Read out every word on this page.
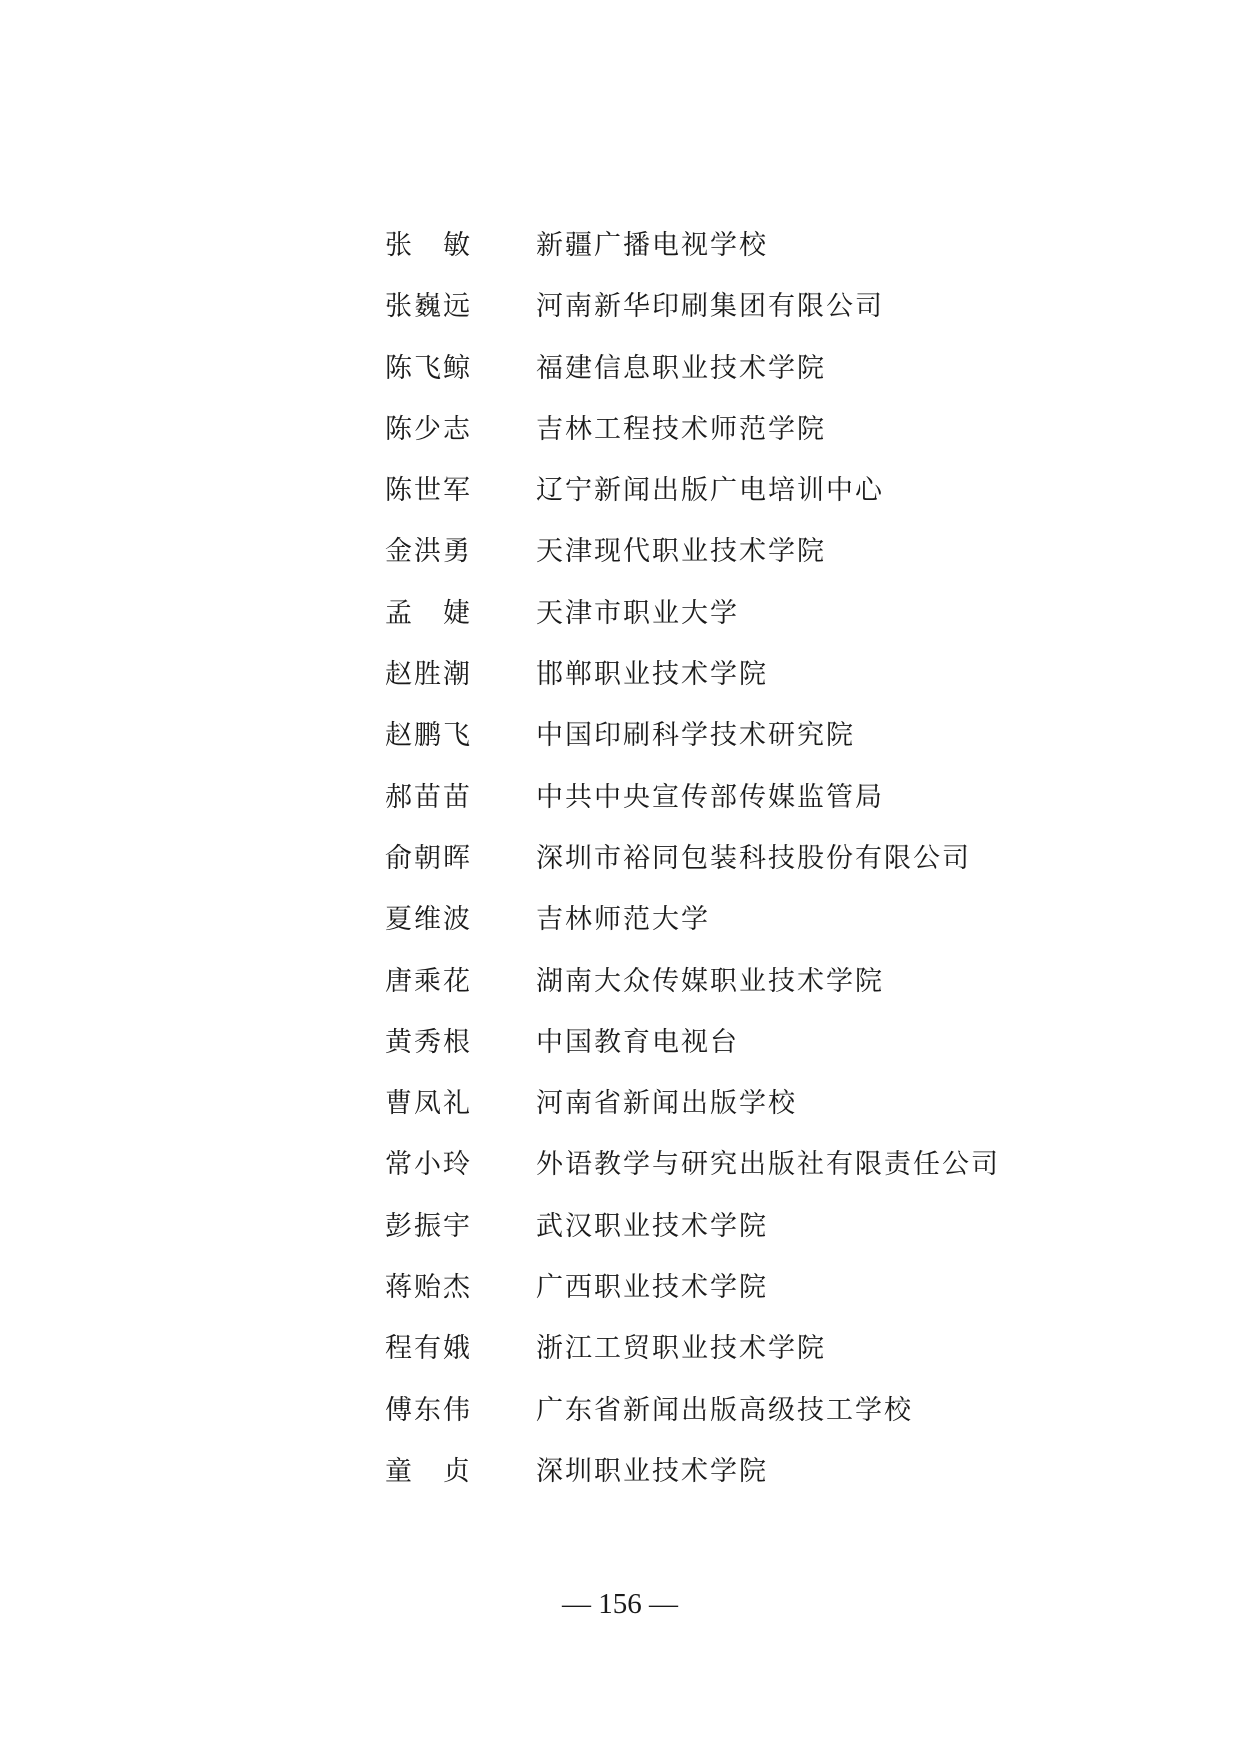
张　敏	新疆广播电视学校
张巍远	河南新华印刷集团有限公司
陈飞鲸	福建信息职业技术学院
陈少志	吉林工程技术师范学院
陈世军	辽宁新闻出版广电培训中心
金洪勇	天津现代职业技术学院
孟　婕	天津市职业大学
赵胜潮	邯郸职业技术学院
赵鹏飞	中国印刷科学技术研究院
郝苗苗	中共中央宣传部传媒监管局
俞朝晖	深圳市裕同包装科技股份有限公司
夏维波	吉林师范大学
唐乘花	湖南大众传媒职业技术学院
黄秀根	中国教育电视台
曹凤礼	河南省新闻出版学校
常小玲	外语教学与研究出版社有限责任公司
彭振宇	武汉职业技术学院
蒋贻杰	广西职业技术学院
程有娥	浙江工贸职业技术学院
傅东伟	广东省新闻出版高级技工学校
童　贞	深圳职业技术学院
— 156 —
